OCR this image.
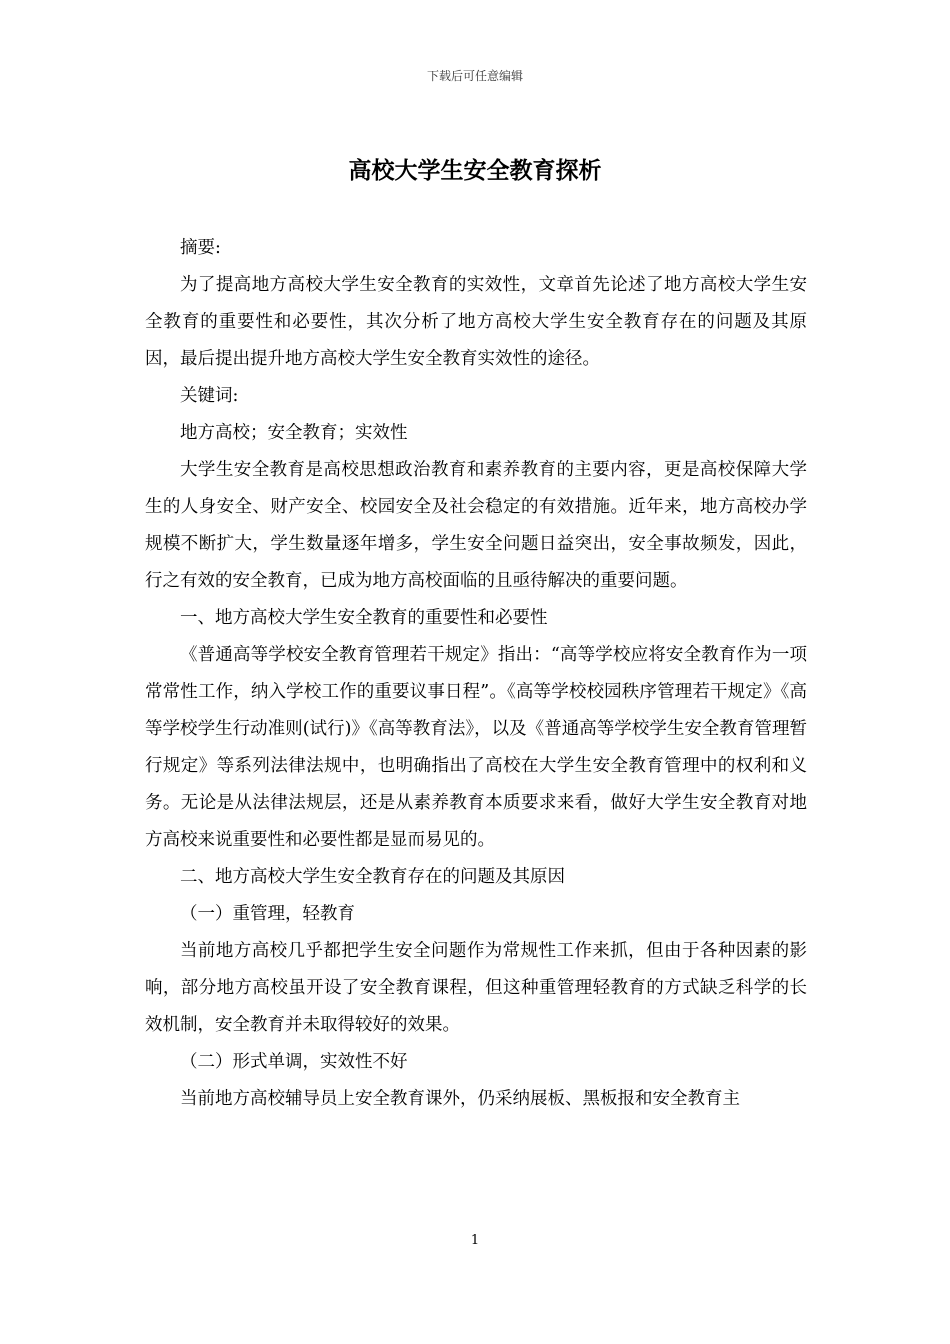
下载后可任意编辑
高校大学生安全教育探析

摘要:

为了提高地方高校大学生安全教育的实效性，文章首先论述了地方高校大学生安全教育的重要性和必要性，其次分析了地方高校大学生安全教育存在的问题及其原因，最后提出提升地方高校大学生安全教育实效性的途径。

关键词:

地方高校；安全教育；实效性

大学生安全教育是高校思想政治教育和素养教育的主要内容，更是高校保障大学生的人身安全、财产安全、校园安全及社会稳定的有效措施。近年来，地方高校办学规模不断扩大，学生数量逐年增多，学生安全问题日益突出，安全事故频发，因此，行之有效的安全教育，已成为地方高校面临的且亟待解决的重要问题。

一、地方高校大学生安全教育的重要性和必要性

《普通高等学校安全教育管理若干规定》指出：“高等学校应将安全教育作为一项常常性工作，纳入学校工作的重要议事日程”。《高等学校校园秩序管理若干规定》《高等学校学生行动准则(试行)》《高等教育法》，以及《普通高等学校学生安全教育管理暂行规定》等系列法律法规中，也明确指出了高校在大学生安全教育管理中的权利和义务。无论是从法律法规层，还是从素养教育本质要求来看，做好大学生安全教育对地方高校来说重要性和必要性都是显而易见的。

二、地方高校大学生安全教育存在的问题及其原因

（一）重管理，轻教育

当前地方高校几乎都把学生安全问题作为常规性工作来抓，但由于各种因素的影响，部分地方高校虽开设了安全教育课程，但这种重管理轻教育的方式缺乏科学的长效机制，安全教育并未取得较好的效果。

（二）形式单调，实效性不好

当前地方高校辅导员上安全教育课外，仍采纳展板、黑板报和安全教育主

1
